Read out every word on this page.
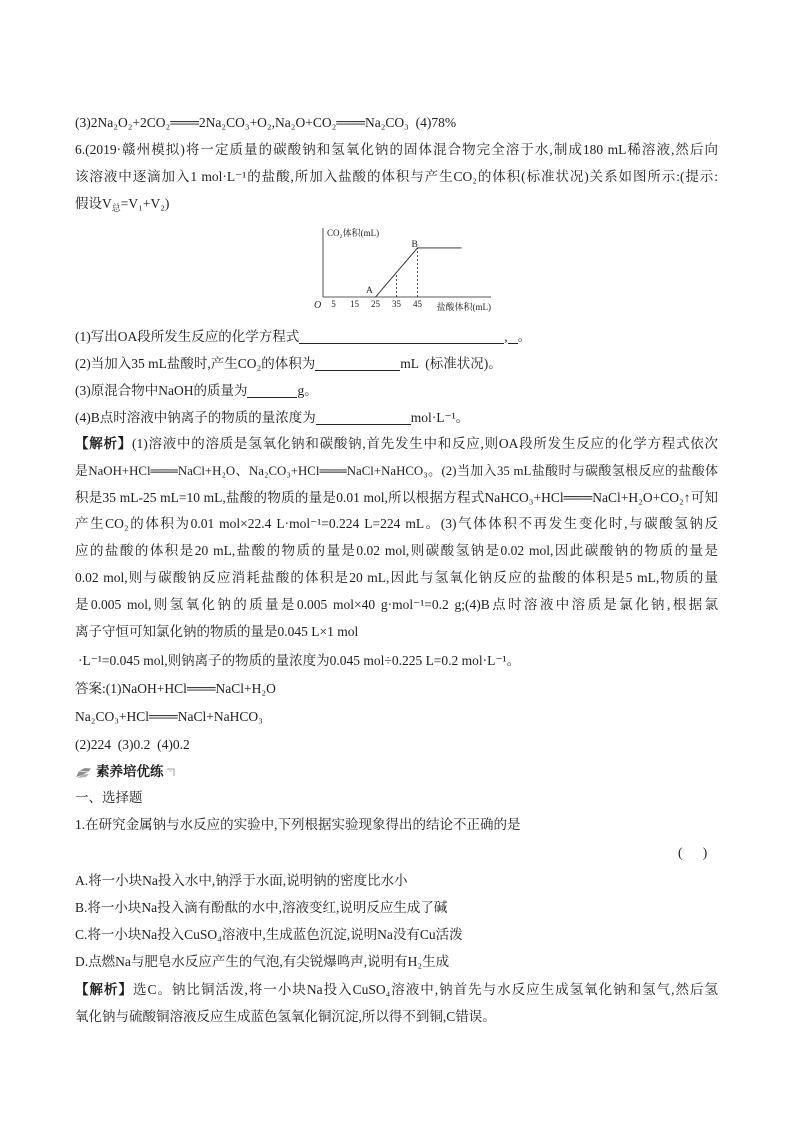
(3)2Na₂O₂+2CO₂═══2Na₂CO₃+O₂,Na₂O+CO₂═══Na₂CO₃  (4)78%
6.(2019·赣州模拟)将一定质量的碳酸钠和氢氧化钠的固体混合物完全溶于水,制成180 mL稀溶液,然后向
该溶液中逐滴加入1 mol·L⁻¹的盐酸,所加入盐酸的体积与产生CO₂的体积(标准状况)关系如图所示:(提示:
假设$V_总=V_1+V_2$)
5 15 25 35 45
O
CO₂体积(mL)
盐酸体积(mL)
A
B
(1)写出OA段所发生反应的化学方程式	, 。
(2)当加入35 mL盐酸时,产生CO₂的体积为	mL  (标准状况)。
(3)原混合物中NaOH的质量为	g。
(4)B点时溶液中钠离子的物质的量浓度为	mol·L⁻¹。
【解析】(1)溶液中的溶质是氢氧化钠和碳酸钠,首先发生中和反应,则OA段所发生反应的化学方程式依次
是NaOH+HCl═══NaCl+H₂O、Na₂CO₃+HCl═══NaCl+NaHCO₃。(2)当加入35 mL盐酸时与碳酸氢根反应的盐酸体
积是35 mL-25 mL=10 mL,盐酸的物质的量是0.01 mol,所以根据方程式NaHCO₃+HCl═══NaCl+H₂O+CO₂↑可知
产生CO₂的体积为0.01 mol×22.4 L·mol⁻¹=0.224 L=224 mL。(3)气体体积不再发生变化时,与碳酸氢钠反
应的盐酸的体积是20 mL,盐酸的物质的量是0.02 mol,则碳酸氢钠是0.02 mol,因此碳酸钠的物质的量是
0.02 mol,则与碳酸钠反应消耗盐酸的体积是20 mL,因此与氢氧化钠反应的盐酸的体积是5 mL,物质的量
是0.005 mol,则氢氧化钠的质量是0.005 mol×40 g·mol⁻¹=0.2 g;(4)B点时溶液中溶质是氯化钠,根据氯
离子守恒可知氯化钠的物质的量是0.045 L×1 mol
·L⁻¹=0.045 mol,则钠离子的物质的量浓度为0.045 mol÷0.225 L=0.2 mol·L⁻¹。
答案:(1)NaOH+HCl═══NaCl+H₂O
Na₂CO₃+HCl═══NaCl+NaHCO₃
(2)224  (3)0.2  (4)0.2
素养培优练
一、选择题
1.在研究金属钠与水反应的实验中,下列根据实验现象得出的结论不正确的是
(      )
A.将一小块Na投入水中,钠浮于水面,说明钠的密度比水小
B.将一小块Na投入滴有酚酞的水中,溶液变红,说明反应生成了碱
C.将一小块Na投入CuSO₄溶液中,生成蓝色沉淀,说明Na没有Cu活泼
D.点燃Na与肥皂水反应产生的气泡,有尖锐爆鸣声,说明有H₂生成
【解析】选C。钠比铜活泼,将一小块Na投入CuSO₄溶液中,钠首先与水反应生成氢氧化钠和氢气,然后氢
氧化钠与硫酸铜溶液反应生成蓝色氢氧化铜沉淀,所以得不到铜,C错误。
